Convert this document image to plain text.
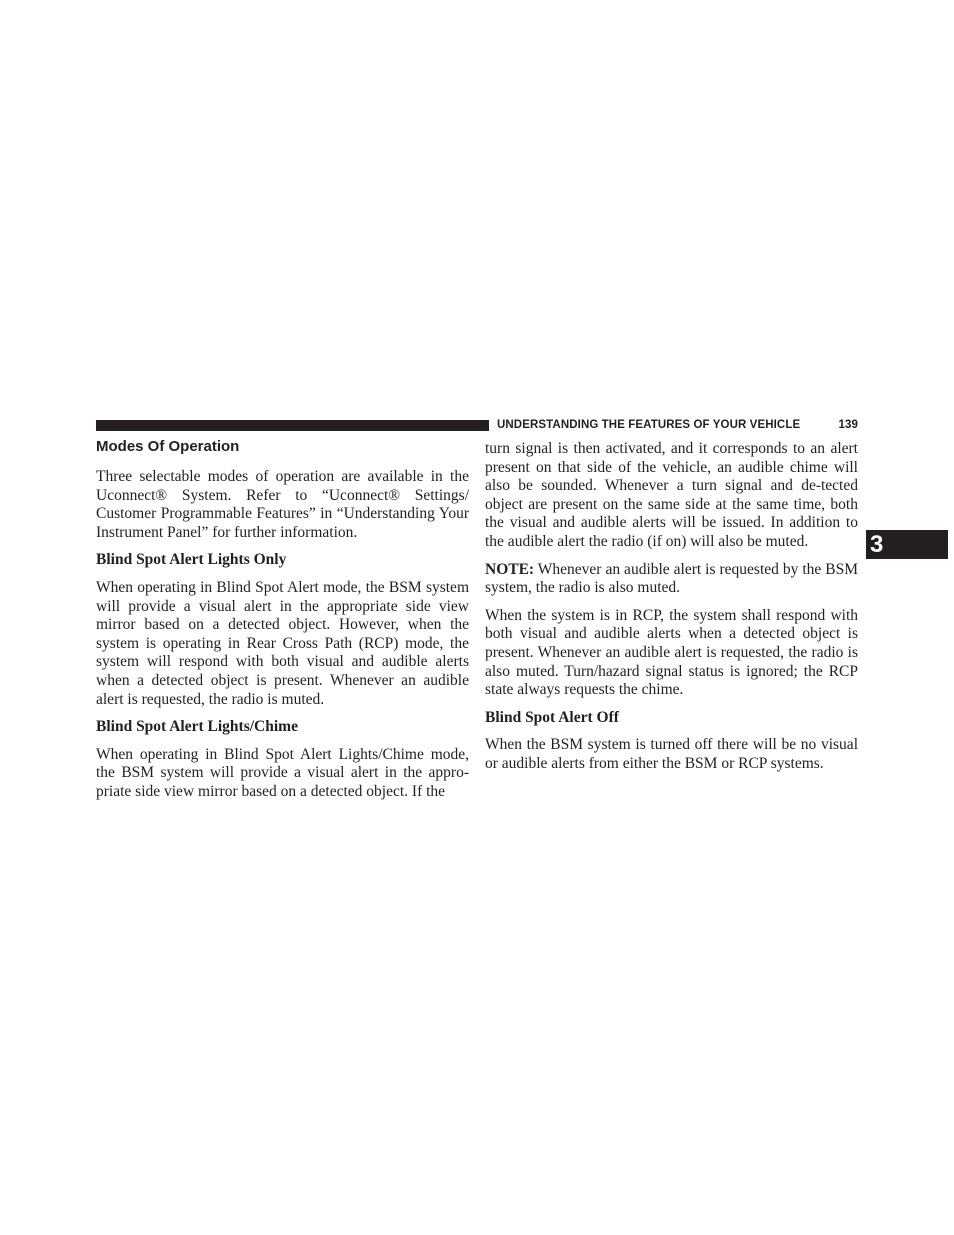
UNDERSTANDING THE FEATURES OF YOUR VEHICLE	139
3
Modes Of Operation

Three selectable modes of operation are available in the Uconnect® System. Refer to “Uconnect® Settings/ Customer Programmable Features” in “Understanding Your Instrument Panel” for further information.

Blind Spot Alert Lights Only

When operating in Blind Spot Alert mode, the BSM system will provide a visual alert in the appropriate side view mirror based on a detected object. However, when the system is operating in Rear Cross Path (RCP) mode, the system will respond with both visual and audible alerts when a detected object is present. Whenever an audible alert is requested, the radio is muted.

Blind Spot Alert Lights/Chime

When operating in Blind Spot Alert Lights/Chime mode, the BSM system will provide a visual alert in the appro-priate side view mirror based on a detected object. If the

turn signal is then activated, and it corresponds to an alert present on that side of the vehicle, an audible chime will also be sounded. Whenever a turn signal and de-tected object are present on the same side at the same time, both the visual and audible alerts will be issued. In addition to the audible alert the radio (if on) will also be muted.

NOTE: Whenever an audible alert is requested by the BSM system, the radio is also muted.

When the system is in RCP, the system shall respond with both visual and audible alerts when a detected object is present. Whenever an audible alert is requested, the radio is also muted. Turn/hazard signal status is ignored; the RCP state always requests the chime.

Blind Spot Alert Off

When the BSM system is turned off there will be no visual or audible alerts from either the BSM or RCP systems.
